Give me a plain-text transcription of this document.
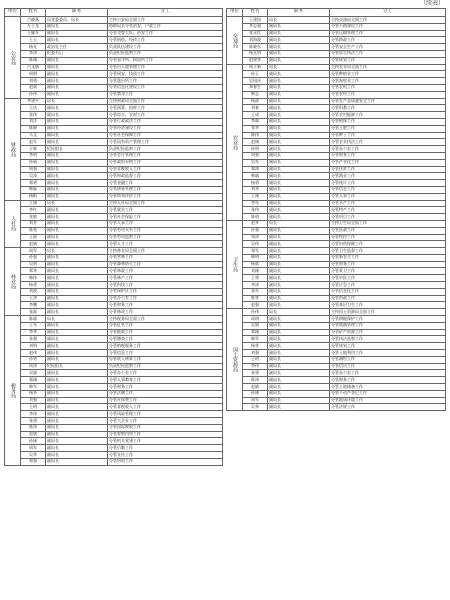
（续表）
单位	姓名	职务	分工
公安局	吕晓燕	局党委委员、局长	主持公安局全面工作
	万士龙	副局长	协助局长分管治安、户政工作
	王耀军	副局长	分管交警大队、治安工作
	王玉	副局长	分管刑侦、经侦工作
	杨光	政治处主任	负责队伍建设工作
	李涛	纪委书记	负责纪检监察工作
	陈刚	副局长	分管看守所、拘留所工作
	吕文斌	副局长	分管出入境管理工作
	周明	副局长	分管网安、技侦工作
	刘勇	副局长	分管派出所工作
	赵斌	副局长	分管信息化建设工作
	孙伟	副局长	分管禁毒工作
财政局	李建平	局长	主持财政局全面工作
	王庆	副局长	分管预算、国库工作
	张伟	副局长	分管综合、农财工作
	刘洋	副局长	分管行政政法工作
	陈静	副局长	分管经济建设工作
	马文	副局长	分管社会保障工作
	赵军	副局长	分管国有资产管理工作
	王辉	纪检组长	负责纪检监察工作
	李明	副局长	分管会计管理工作
	孙丽	副局长	分管政府采购工作
	周强	副局长	分管非税收入工作
	吴涛	副局长	分管财政监督工作
	郑勇	副局长	分管金融工作
	韩磊	副局长	分管债务管理工作
	杨帆	副局长	分管绩效评价工作
人社局	王刚	局长	主持人社局全面工作
	李红	副局长	分管就业工作
	张敏	副局长	分管社会保险工作
	刘芳	副局长	分管人事工作
	陈亮	副局长	分管劳动关系工作
	王丽	副局长	分管劳动监察工作
	赵斌	副局长	分管人才工作
林业局	周军	局长	主持林业局全面工作
	孙强	副局长	分管营林工作
	吴明	副局长	分管森林防火工作
	郑华	副局长	分管林政工作
	韩伟	副局长	分管林产工作
	杨勇	副局长	分管科技工作
	刘波	副局长	分管保护区工作
	王涛	副局长	分管办公室工作
	李鹏	副局长	分管财务工作
	张磊	副局长	分管林改工作
税务局	陈斌	局长	主持税务局全面工作
	王军	副局长	分管征管工作
	李华	副局长	分管税政工作
	张强	副局长	分管稽查工作
	刘明	副局长	分管纳税服务工作
	赵伟	副局长	分管信息工作
	孙勇	副局长	分管收入核算工作
	周涛	纪检组长	负责纪检监察工作
	吴斌	副局长	分管办公室工作
	郑刚	副局长	分管人事教育工作
	韩军	副局长	分管财务工作
	杨华	副局长	分管法制工作
	刘强	副局长	分管社保费工作
	王明	副局长	分管非税收入工作
	李伟	副局长	分管风险管理工作
	张勇	副局长	分管大企业工作
	陈涛	副局长	分管国际税收工作
	赵斌	副局长	分管督察内审工作
	孙刚	副局长	分管机关党建工作
	周军	副局长	分管后勤工作
	吴华	副局长	分管宣传工作
	郑强	副局长	分管培训工作
单位	姓名	职务	分工
交通局	王建国	局长	主持交通局全面工作
	李志强	副局长	分管公路建设工作
	张永红	副局长	分管运输管理工作
	刘海波	副局长	分管路政工作
	陈晓东	副局长	分管安全生产工作
	杨光明	副局长	分管综合执法工作
	赵建华	副局长	分管规划工作
农业局	周立新	局长	主持农业局全面工作
	孙玉	副局长	分管种植业工作
	吴国庆	副局长	分管畜牧业工作
	郑春生	副局长	分管农机工作
	韩志	副局长	分管农经工作
	杨波	副局长	分管农产品质量安全工作
	刘春	副局长	分管科教工作
	王成	副局长	分管农村能源工作
	李斌	副局长	分管植保工作
	张华	副局长	分管土肥工作
	陈伟	副局长	分管种子工作
	赵刚	副局长	分管农业执法工作
	孙明	副局长	分管办公室工作
	周强	副局长	分管财务工作
	吴军	副局长	分管产业化工作
	郑涛	副局长	分管扶贫工作
	韩斌	副局长	分管渔业工作
	杨勇	副局长	分管统计工作
	刘华	副局长	分管信息工作
	王刚	副局长	分管人事工作
	李军	副局长	分管水产工作
	张伟	副局长	分管特产工作
	陈明	副局长	分管项目工作
卫生局	赵华	局长	主持卫生局全面工作
	孙强	副局长	分管医政工作
	周涛	副局长	分管疾控工作
	吴伟	副局长	分管妇幼保健工作
	郑军	副局长	分管卫生监督工作
	韩明	副局长	分管新农合工作
	杨斌	副局长	分管财务工作
	刘刚	副局长	分管爱卫工作
	王勇	副局长	分管中医工作
	李涛	副局长	分管应急工作
	张军	副局长	分管信息化工作
	陈华	副局长	分管药政工作
	赵强	副局长	分管基层卫生工作
国土资源局	孙伟	局长	主持国土资源局全面工作
	周明	副局长	分管耕地保护工作
	吴斌	副局长	分管地籍管理工作
	郑刚	副局长	分管矿产资源工作
	韩军	副局长	分管执法监察工作
	杨华	副局长	分管规划工作
	刘强	副局长	分管土地利用工作
	王明	副局长	分管测绘工作
	李伟	副局长	分管信访工作
	张勇	副局长	分管办公室工作
	陈涛	副局长	分管财务工作
	赵斌	副局长	分管土地储备工作
	孙刚	副局长	分管不动产登记工作
	周军	副局长	分管地质环境工作
	吴华	副局长	分管法规工作
